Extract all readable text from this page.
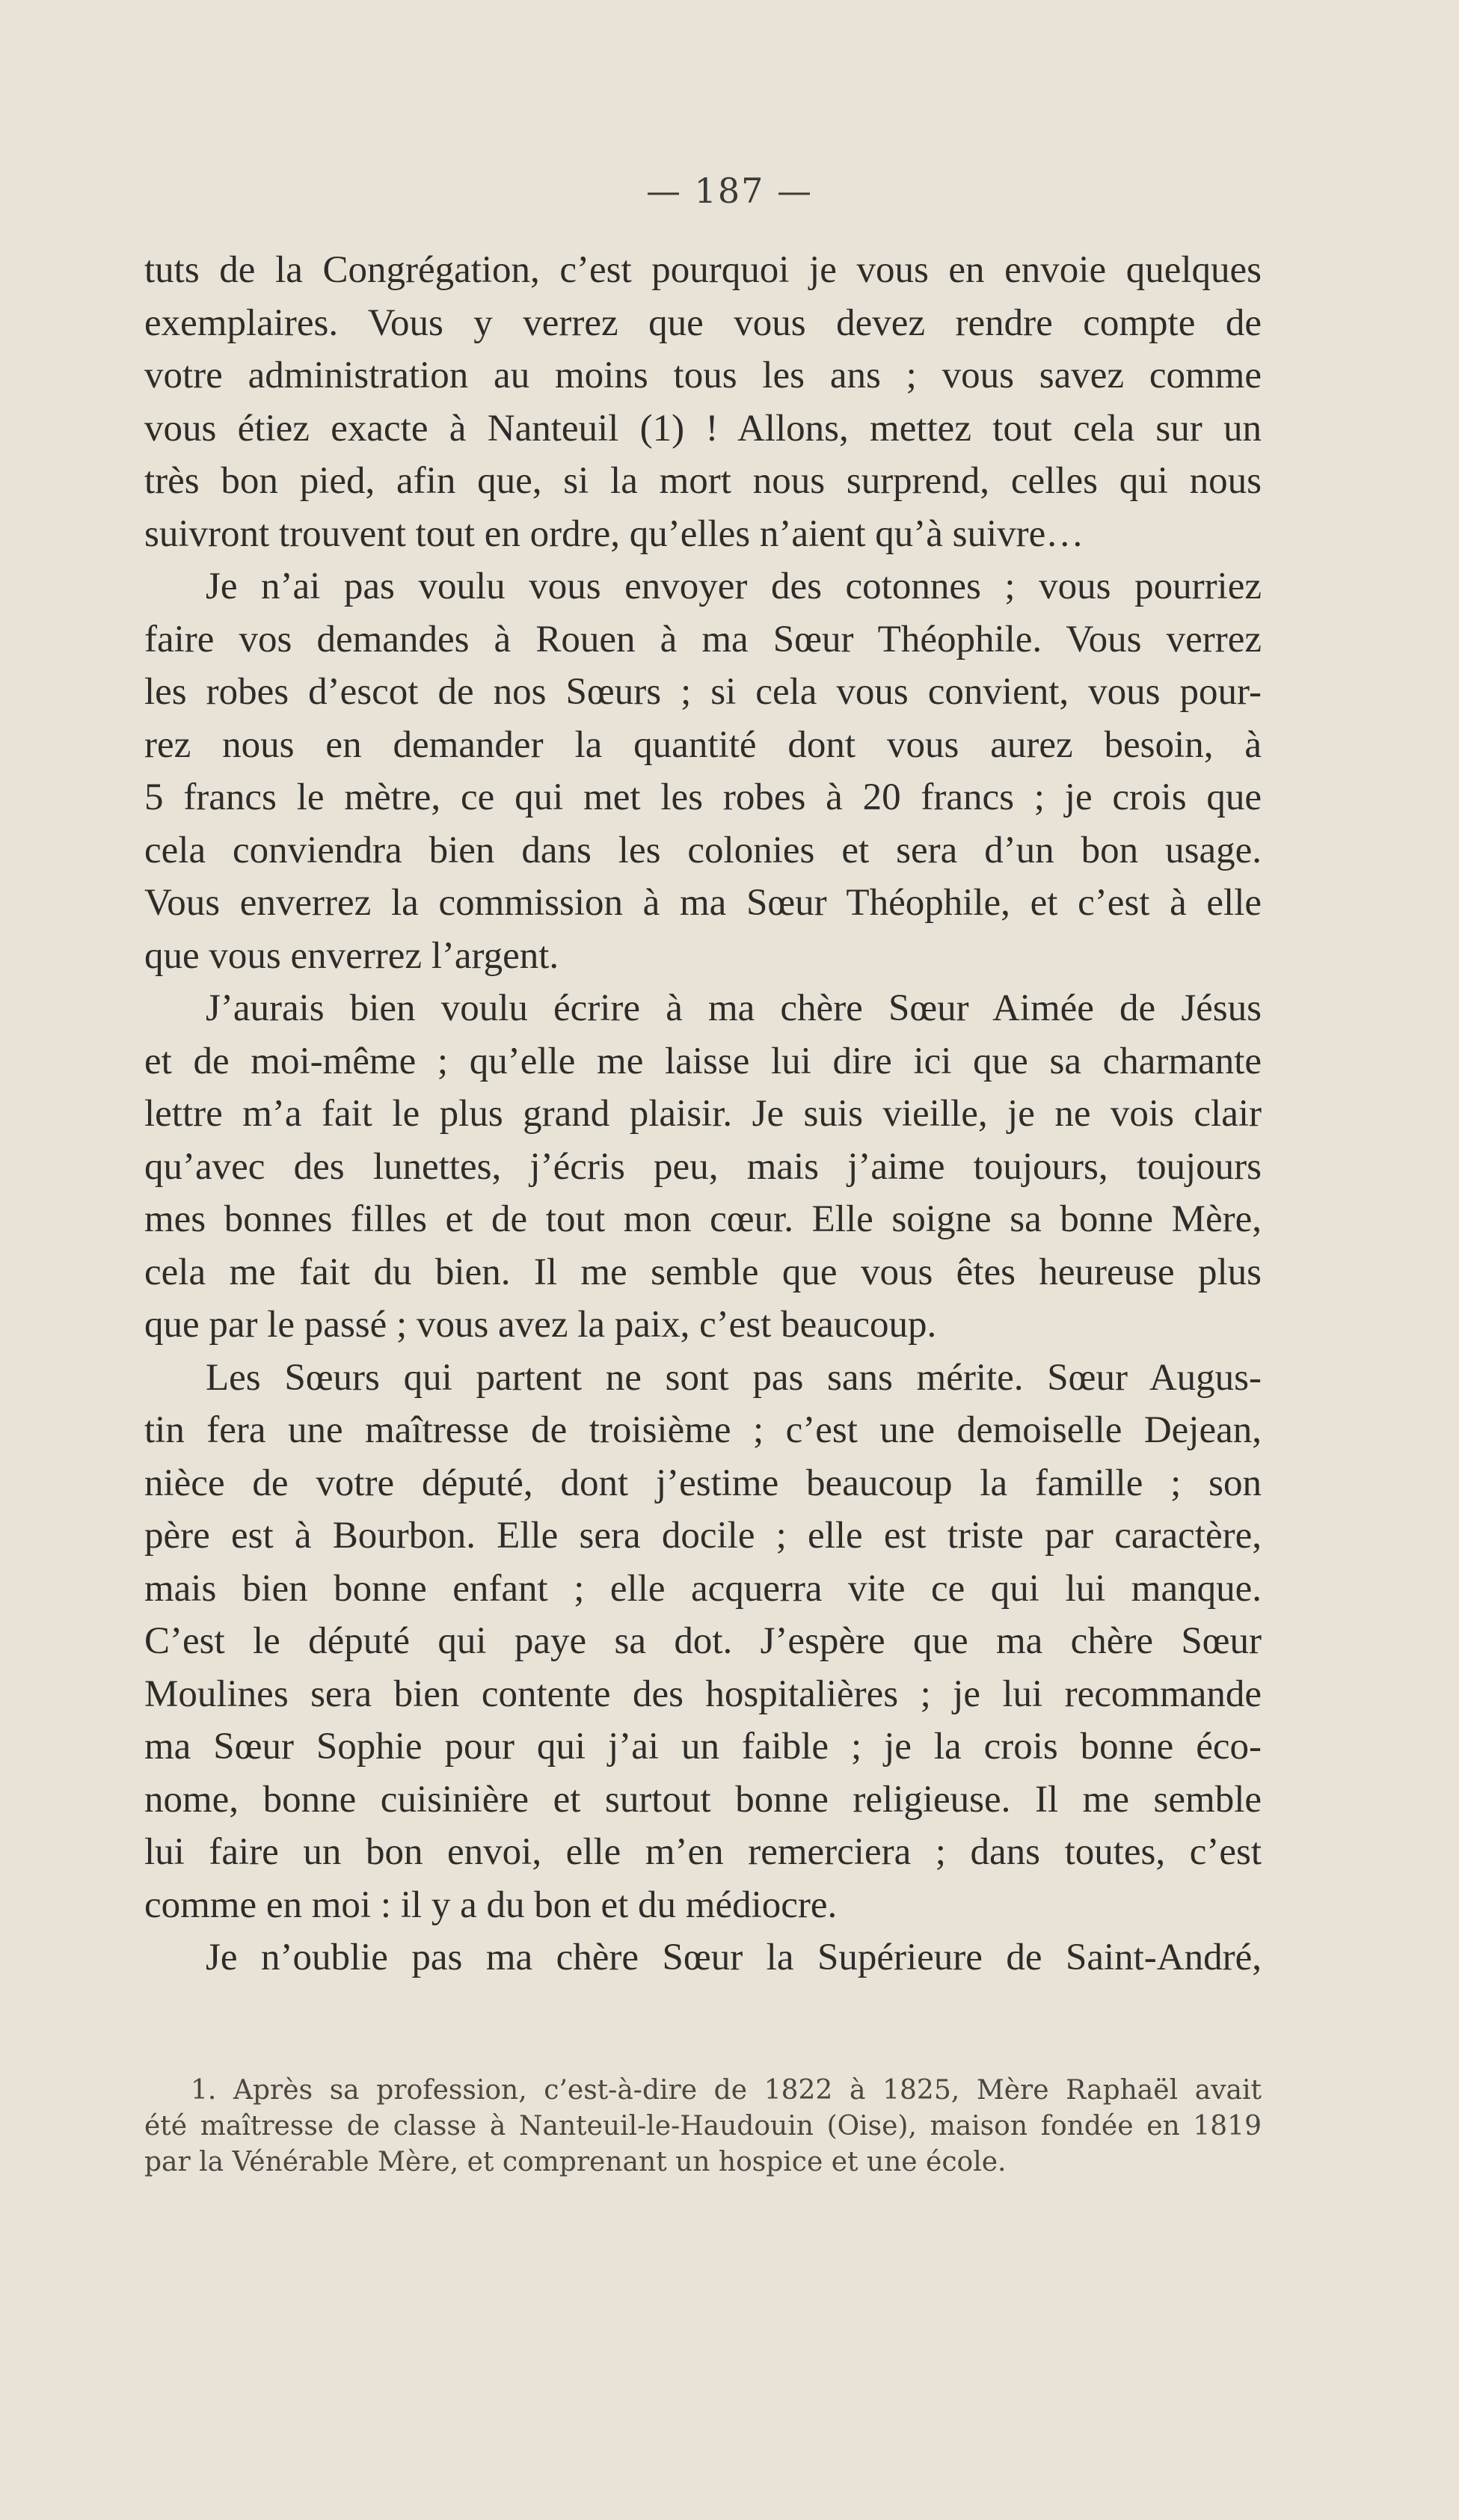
— 187 —
tuts de la Congrégation, c’est pourquoi je vous en envoie quelques
exemplaires. Vous y verrez que vous devez rendre compte de
votre administration au moins tous les ans ; vous savez comme
vous étiez exacte à Nanteuil (1) ! Allons, mettez tout cela sur un
très bon pied, afin que, si la mort nous surprend, celles qui nous
suivront trouvent tout en ordre, qu’elles n’aient qu’à suivre…
Je n’ai pas voulu vous envoyer des cotonnes ; vous pourriez
faire vos demandes à Rouen à ma Sœur Théophile. Vous verrez
les robes d’escot de nos Sœurs ; si cela vous convient, vous pour-
rez nous en demander la quantité dont vous aurez besoin, à
5 francs le mètre, ce qui met les robes à 20 francs ; je crois que
cela conviendra bien dans les colonies et sera d’un bon usage.
Vous enverrez la commission à ma Sœur Théophile, et c’est à elle
que vous enverrez l’argent.
J’aurais bien voulu écrire à ma chère Sœur Aimée de Jésus
et de moi-même ; qu’elle me laisse lui dire ici que sa charmante
lettre m’a fait le plus grand plaisir. Je suis vieille, je ne vois clair
qu’avec des lunettes, j’écris peu, mais j’aime toujours, toujours
mes bonnes filles et de tout mon cœur. Elle soigne sa bonne Mère,
cela me fait du bien. Il me semble que vous êtes heureuse plus
que par le passé ; vous avez la paix, c’est beaucoup.
Les Sœurs qui partent ne sont pas sans mérite. Sœur Augus-
tin fera une maîtresse de troisième ; c’est une demoiselle Dejean,
nièce de votre député, dont j’estime beaucoup la famille ; son
père est à Bourbon. Elle sera docile ; elle est triste par caractère,
mais bien bonne enfant ; elle acquerra vite ce qui lui manque.
C’est le député qui paye sa dot. J’espère que ma chère Sœur
Moulines sera bien contente des hospitalières ; je lui recommande
ma Sœur Sophie pour qui j’ai un faible ; je la crois bonne éco-
nome, bonne cuisinière et surtout bonne religieuse. Il me semble
lui faire un bon envoi, elle m’en remerciera ; dans toutes, c’est
comme en moi : il y a du bon et du médiocre.
Je n’oublie pas ma chère Sœur la Supérieure de Saint-André,
1. Après sa profession, c’est-à-dire de 1822 à 1825, Mère Raphaël avait
été maîtresse de classe à Nanteuil-le-Haudouin (Oise), maison fondée en 1819
par la Vénérable Mère, et comprenant un hospice et une école.
